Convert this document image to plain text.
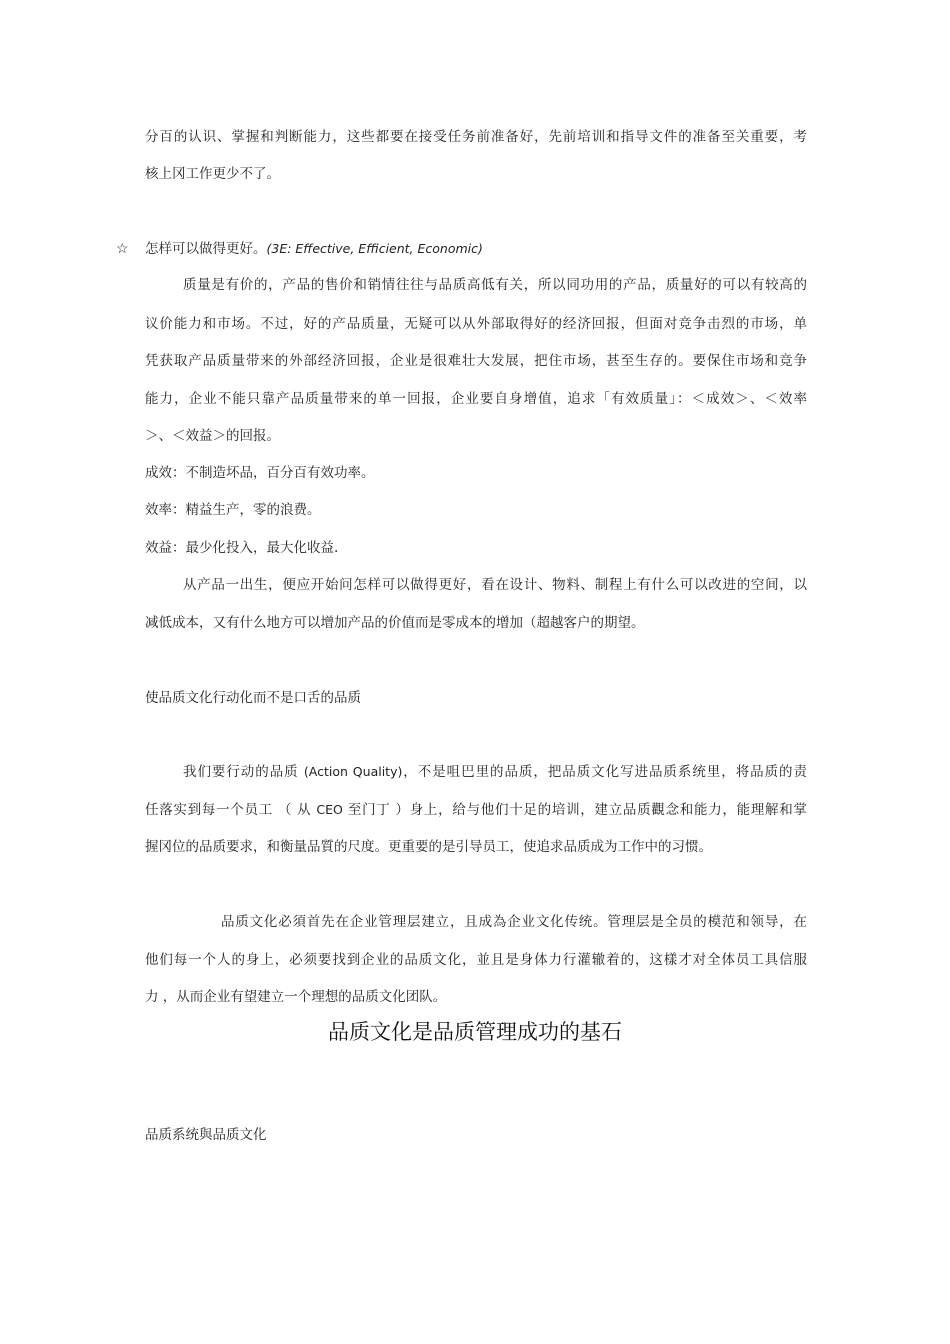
分百的认识、掌握和判断能力，这些都要在接受任务前准备好，先前培训和指导文件的准备至关重要，考
核上冈工作更少不了。
☆ 怎样可以做得更好。(3E: Effective, Efficient, Economic)
质量是有价的，产品的售价和销情往往与品质高低有关，所以同功用的产品，质量好的可以有较高的
议价能力和市场。不过，好的产品质量，无疑可以从外部取得好的经济回报，但面对竞争击烈的市场，单
凭获取产品质量带来的外部经济回报，企业是很难壮大发展，把住市场，甚至生存的。要保住市场和竞争
能力，企业不能只靠产品质量带来的单一回报，企业要自身增值，追求「有效质量」：＜成效＞、＜效率
＞、＜效益＞的回报。
成效：不制造坏品，百分百有效功率。
效率：精益生产，零的浪费。
效益：最少化投入，最大化收益.
从产品一出生，便应开始问怎样可以做得更好，看在设计、物料、制程上有什么可以改进的空间，以
减低成本，又有什么地方可以增加产品的价值而是零成本的增加（超越客户的期望。
使品质文化行动化而不是口舌的品质
我们要行动的品质 (Action Quality)，不是咀巴里的品质，把品质文化写进品质系统里，将品质的责
任落实到每一个员工 （ 从 CEO 至门丁 ）身上，给与他们十足的培训，建立品质觀念和能力，能理解和掌
握冈位的品质要求，和衡量品質的尺度。更重要的是引导员工，使追求品质成为工作中的习惯。
品质文化必須首先在企业管理层建立，且成為企业文化传统。管理层是全员的模范和领导，在
他们每一个人的身上，必须要找到企业的品质文化，並且是身体力行灌辙着的，这樣才对全体员工具信服
力 ，从而企业有望建立一个理想的品质文化团队。
品质文化是品质管理成功的基石
品质系统與品质文化
